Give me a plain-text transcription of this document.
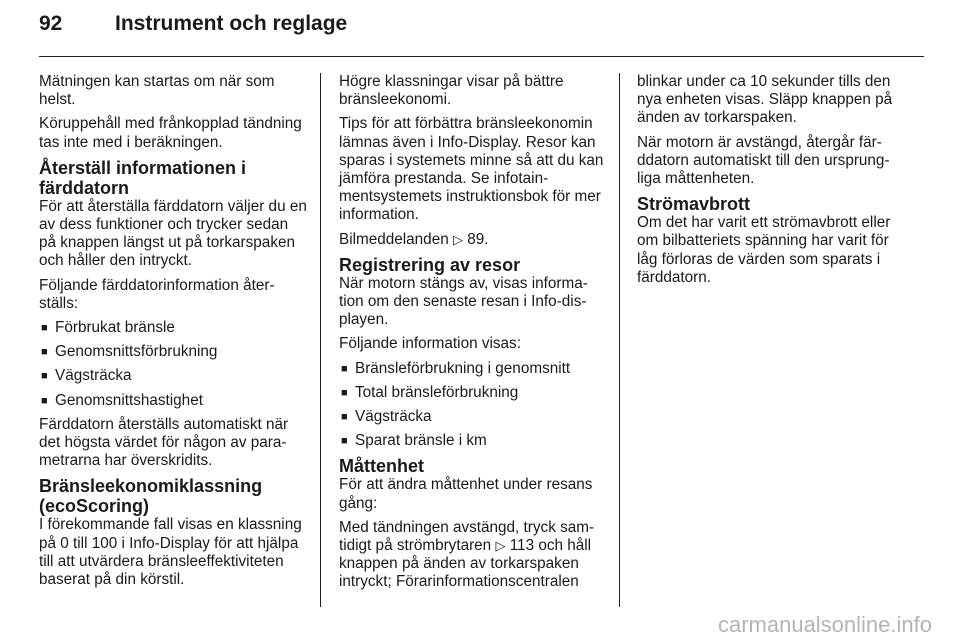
92	Instrument och reglage

Mätningen kan startas om när som helst.

Köruppehåll med frånkopplad tändning tas inte med i beräkningen.

Återställ informationen i färddatorn

För att återställa färddatorn väljer du en av dess funktioner och trycker sedan på knappen längst ut på torkarspaken och håller den intryckt.

Följande färddatorinformation återställs:

■ Förbrukat bränsle
■ Genomsnittsförbrukning
■ Vägsträcka
■ Genomsnittshastighet

Färddatorn återställs automatiskt när det högsta värdet för någon av parametrarna har överskridits.

Bränsleekonomiklassning (ecoScoring)

I förekommande fall visas en klassning på 0 till 100 i Info-Display för att hjälpa till att utvärdera bränsleeffektiviteten baserat på din körstil.

Högre klassningar visar på bättre bränsleekonomi.

Tips för att förbättra bränsleekonomin lämnas även i Info-Display. Resor kan sparas i systemets minne så att du kan jämföra prestanda. Se infotainmentsystemets instruktionsbok för mer information.

Bilmeddelanden ▷ 89.

Registrering av resor

När motorn stängs av, visas information om den senaste resan i Info-displayen.

Följande information visas:

■ Bränsleförbrukning i genomsnitt
■ Total bränsleförbrukning
■ Vägsträcka
■ Sparat bränsle i km
Måttenhet

För att ändra måttenhet under resans gång:

Med tändningen avstängd, tryck samtidigt på strömbrytaren ▷ 113 och håll knappen på änden av torkarspaken intryckt; Förarinformationscentralen

blinkar under ca 10 sekunder tills den nya enheten visas. Släpp knappen på änden av torkarspaken.

När motorn är avstängd, återgår färddatorn automatiskt till den ursprungliga måttenheten.

Strömavbrott

Om det har varit ett strömavbrott eller om bilbatteriets spänning har varit för låg förloras de värden som sparats i färddatorn.

carmanualsonline.info
